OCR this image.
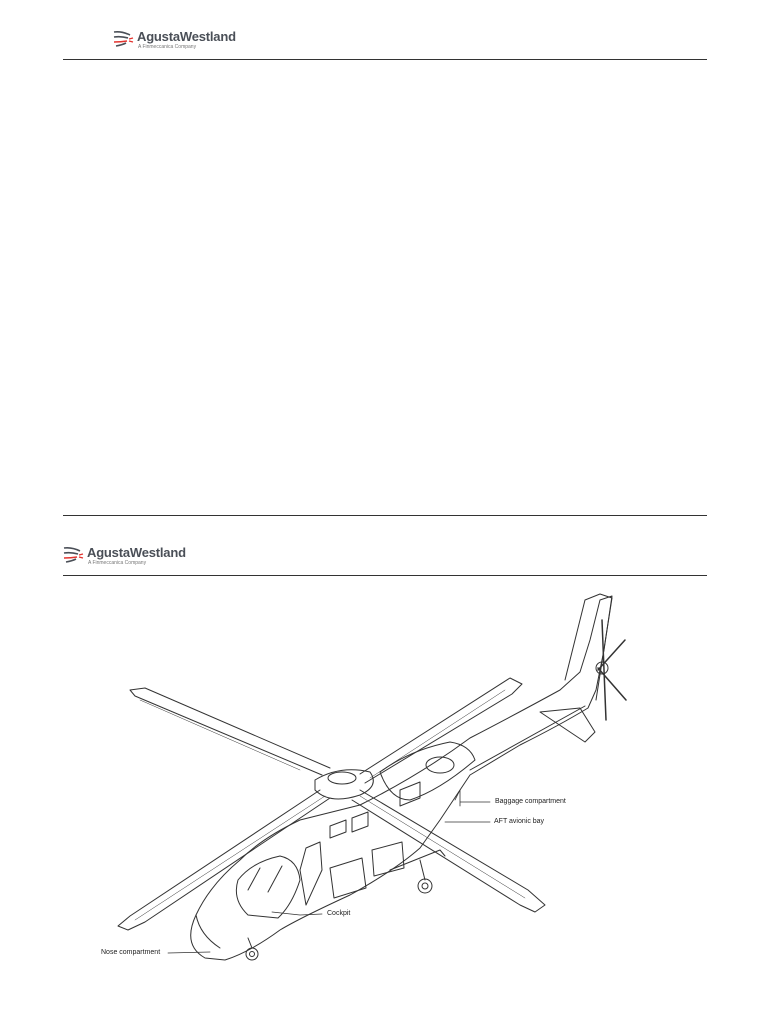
AgustaWestland
A Finmeccanica Company
AgustaWestland
A Finmeccanica Company
Baggage compartment
AFT avionic bay
Cockpit
Nose compartment
